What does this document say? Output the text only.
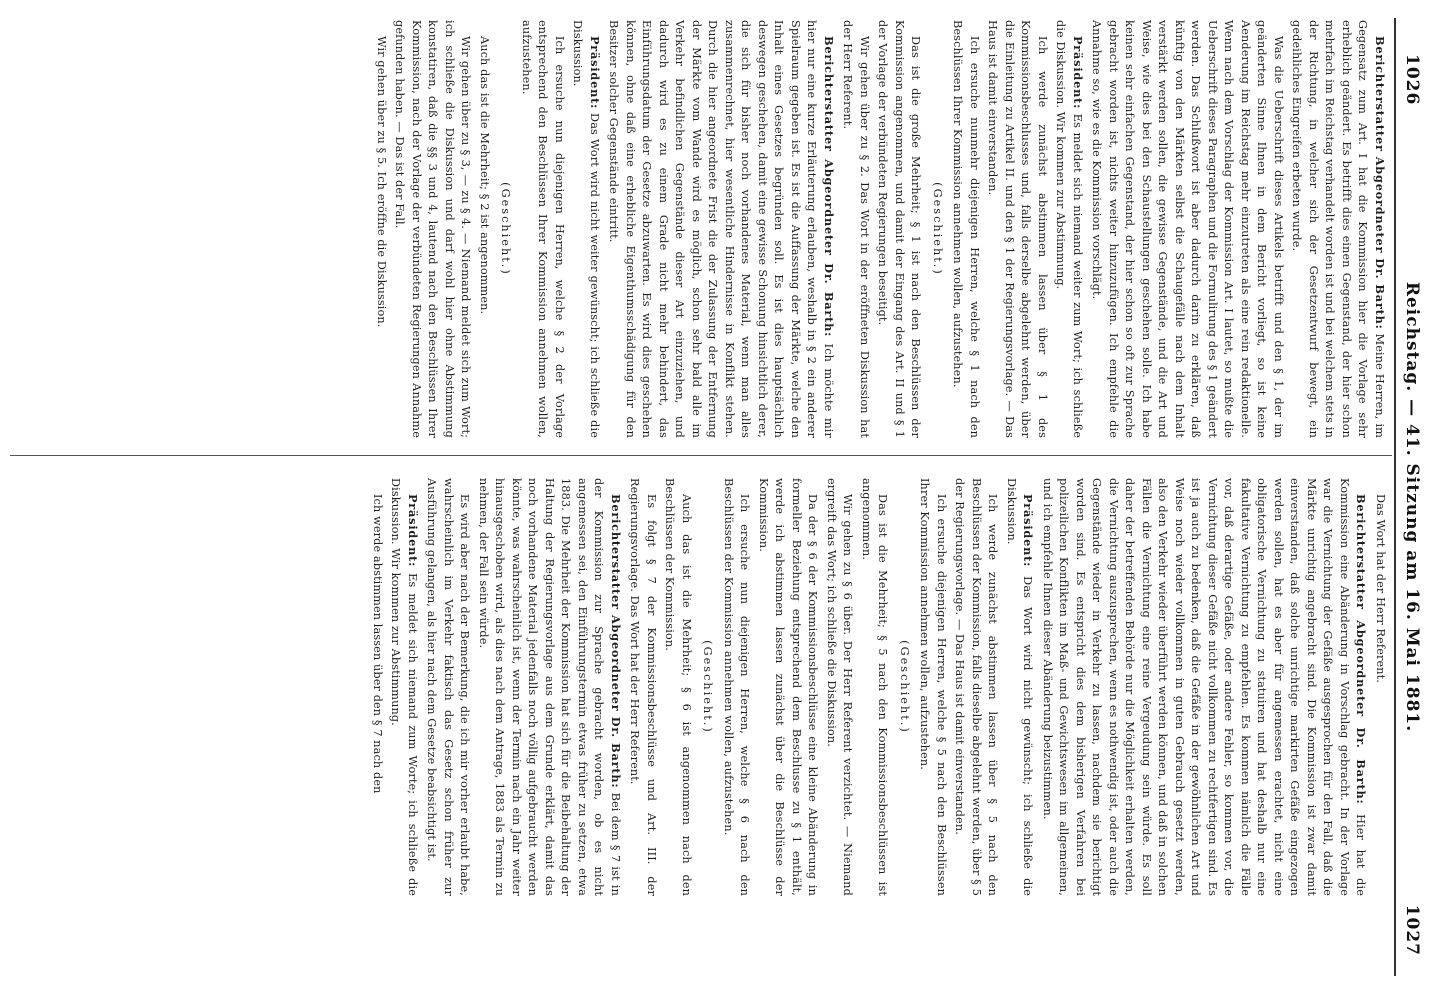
1026
Reichstag. — 41. Sitzung am 16. Mai 1881.
1027

Berichterstatter Abgeordneter Dr. Barth: Meine Herren, im Gegensatz zum Art. I hat die Kommission hier die Vorlage sehr erheblich geändert. Es betrifft dies einen Gegenstand, der hier schon mehrfach im Reichstag verhandelt worden ist und bei welchem stets in der Richtung, in welcher sich der Gesetzentwurf bewegt, ein gedeihliches Eingreifen erbeten wurde.

Was die Ueberschrift dieses Artikels betrifft und den § 1, der im geänderten Sinne Ihnen in dem Bericht vorliegt, so ist keine Aenderung im Reichstag mehr einzutreten als eine rein redaktionelle. Wenn nach dem Vorschlag der Kommission Art. I lautet, so mußte die Ueberschrift dieses Paragraphen und die Formulirung des § 1 geändert werden. Das Schlußwort ist aber dadurch darin zu erklären, daß künftig von den Märkten selbst die Schaugefälle nach dem Inhalt verstärkt werden sollen, die gewisse Gegenstände, und die Art und Weise, wie dies bei den Schaustellungen geschehen solle. Ich habe keinen sehr einfachen Gegenstand, der hier schon so oft zur Sprache gebracht worden ist, nichts weiter hinzuzufügen. Ich empfehle die Annahme so, wie es die Kommission vorschlägt.

Präsident: Es meldet sich niemand weiter zum Wort; ich schließe die Diskussion. Wir kommen zur Abstimmung.

Ich werde zunächst abstimmen lassen über § 1 des Kommissionsbeschlusses und, falls derselbe abgelehnt werden, über die Einleitung zu Artikel II. und den § 1 der Regierungsvorlage. — Das Haus ist damit einverstanden.

Ich ersuche nunmehr diejenigen Herren, welche § 1 nach den Beschlüssen Ihrer Kommission annehmen wollen, aufzustehen.

(Geschieht.)

Das ist die große Mehrheit; § 1 ist nach den Beschlüssen der Kommission angenommen, und damit der Eingang des Art. II und § 1 der Vorlage der verbündeten Regierungen beseitigt.

Wir gehen über zu § 2. Das Wort in der eröffneten Diskussion hat der Herr Referent.

Berichterstatter Abgeordneter Dr. Barth: Ich möchte mir hier nur eine kurze Erläuterung erlauben, weshalb in § 2 ein anderer Spielraum gegeben ist. Es ist die Auffassung der Märkte, welche den Inhalt eines Gesetzes begründen soll. Es ist dies hauptsächlich deswegen geschehen, damit eine gewisse Schonung hinsichtlich derer, die sich für bisher noch vorhandenes Material, wenn man alles zusammenrechnet, hier wesentliche Hindernisse in Konflikt stehen. Durch die hier angeordnete Frist die der Zulassung der Entfernung der Märkte vom Wande wird es möglich, schon sehr bald alle im Verkehr befindlichen Gegenstände dieser Art einzuziehen, und dadurch wird es zu einem Grade nicht mehr behindert, das Einführungsdatum der Gesetze abzuwarten. Es wird dies geschehen können, ohne daß eine erhebliche Eigenthumsschädigung für den Besitzer solcher Gegenstände eintritt.

Präsident: Das Wort wird nicht weiter gewünscht; ich schließe die Diskussion.

Ich ersuche nun diejenigen Herren, welche § 2 der Vorlage entsprechend den Beschlüssen Ihrer Kommission annehmen wollen, aufzustehen.

(Geschieht.)

Auch das ist die Mehrheit; § 2 ist angenommen.

Wir gehen über zu § 3, — zu § 4. — Niemand meldet sich zum Wort; ich schließe die Diskussion und darf wohl hier ohne Abstimmung konstatiren, daß die §§ 3 und 4, lautend nach den Beschlüssen Ihrer Kommission, nach der Vorlage der verbündeten Regierungen Annahme gefunden haben. — Das ist der Fall.

Wir gehen über zu § 5. Ich eröffne die Diskussion.

Das Wort hat der Herr Referent.

Berichterstatter Abgeordneter Dr. Barth: Hier hat die Kommission eine Abänderung in Vorschlag gebracht. In der Vorlage war die Vernichtung der Gefäße ausgesprochen für den Fall, daß die Märkte unrichtig angebracht sind. Die Kommission ist zwar damit einverstanden, daß solche unrichtige markirten Gefäße eingezogen werden sollen, hat es aber für angemessen erachtet, nicht eine obligatorische Vernichtung zu statuiren und hat deshalb nur eine fakultative Vernichtung zu empfehlen. Es kommen nämlich die Fälle vor, daß derartige Gefäße, oder andere Fehler, so kommen vor, die Vernichtung dieser Gefäße nicht vollkommen zu rechtfertigen sind. Es ist ja auch zu bedenken, daß die Gefäße in der gewöhnlichen Art und Weise noch wieder vollkommen in guten Gebrauch gesetzt werden, also den Verkehr wieder überführt werden können, und daß in solchen Fällen die Vernichtung eine reine Vergeudung sein würde. Es soll daher der betreffenden Behörde nur die Möglichkeit erhalten werden, die Vernichtung auszusprechen, wenn es nothwendig ist, oder auch die Gegenstände wieder in Verkehr zu lassen, nachdem sie berichtigt worden sind. Es entspricht dies dem bisherigen Verfahren bei polizeilichen Konflikten im Maß- und Gewichtswesen im allgemeinen, und ich empfehle Ihnen dieser Abänderung beizustimmen.

Präsident: Das Wort wird nicht gewünscht; ich schließe die Diskussion.

Ich werde zunächst abstimmen lassen über § 5 nach den Beschlüssen der Kommission, falls dieselbe abgelehnt werden, über § 5 der Regierungsvorlage. — Das Haus ist damit einverstanden.

Ich ersuche diejenigen Herren, welche § 5 nach den Beschlüssen Ihrer Kommission annehmen wollen, aufzustehen.

(Geschieht.)

Das ist die Mehrheit; § 5 nach den Kommissionsbeschlüssen ist angenommen.

Wir gehen zu § 6 über. Der Herr Referent verzichtet. — Niemand ergreift das Wort; ich schließe die Diskussion.

Da der § 6 der Kommissionsbeschlüsse eine kleine Abänderung in formeller Beziehung entsprechend dem Beschlusse zu § 1 enthält, werde ich abstimmen lassen zunächst über die Beschlüsse der Kommission.

Ich ersuche nun diejenigen Herren, welche § 6 nach den Beschlüssen der Kommission annehmen wollen, aufzustehen.

(Geschieht.)

Auch das ist die Mehrheit; § 6 ist angenommen nach den Beschlüssen der Kommission.

Es folgt § 7 der Kommissionsbeschlüsse und Art. III. der Regierungsvorlage. Das Wort hat der Herr Referent.

Berichterstatter Abgeordneter Dr. Barth: Bei dem § 7 ist in der Kommission zur Sprache gebracht worden, ob es nicht angemessen sei, den Einführungstermin etwas früher zu setzen, etwa 1883. Die Mehrheit der Kommission hat sich für die Beibehaltung der Haltung der Regierungsvorlage aus dem Grunde erklärt, damit das noch vorhandene Material jedenfalls noch völlig aufgebraucht werden könnte, was wahrscheinlich ist, wenn der Termin nach ein Jahr weiter hinausgeschoben wird, als dies nach dem Antrage, 1883 als Termin zu nehmen, der Fall sein würde.

Es wird aber nach der Bemerkung, die ich mir vorher erlaubt habe, wahrscheinlich im Verkehr faktisch das Gesetz schon früher zur Ausführung gelangen, als hier nach dem Gesetze beabsichtigt ist.

Präsident: Es meldet sich niemand zum Worte; ich schließe die Diskussion. Wir kommen zur Abstimmung.

Ich werde abstimmen lassen über den § 7 nach den
